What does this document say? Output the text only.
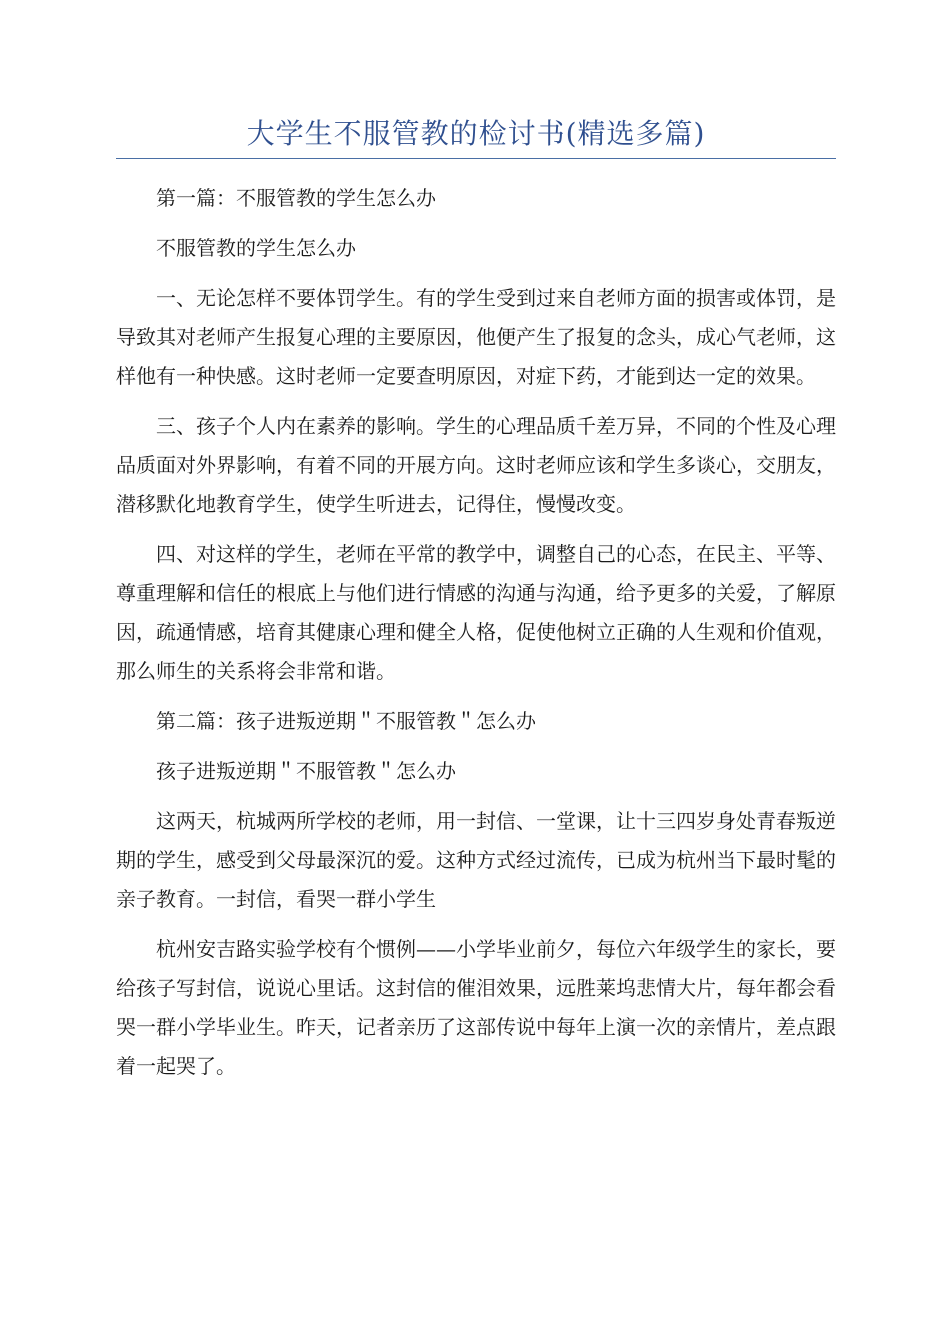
大学生不服管教的检讨书(精选多篇)

第一篇：不服管教的学生怎么办

不服管教的学生怎么办

一、无论怎样不要体罚学生。有的学生受到过来自老师方面的损害或体罚，是导致其对老师产生报复心理的主要原因，他便产生了报复的念头，成心气老师，这样他有一种快感。这时老师一定要查明原因，对症下药，才能到达一定的效果。

三、孩子个人内在素养的影响。学生的心理品质千差万异，不同的个性及心理品质面对外界影响，有着不同的开展方向。这时老师应该和学生多谈心，交朋友，潜移默化地教育学生，使学生听进去，记得住，慢慢改变。

四、对这样的学生，老师在平常的教学中，调整自己的心态，在民主、平等、尊重理解和信任的根底上与他们进行情感的沟通与沟通，给予更多的关爱，了解原因，疏通情感，培育其健康心理和健全人格，促使他树立正确的人生观和价值观，那么师生的关系将会非常和谐。

第二篇：孩子进叛逆期＂不服管教＂怎么办

孩子进叛逆期＂不服管教＂怎么办

这两天，杭城两所学校的老师，用一封信、一堂课，让十三四岁身处青春叛逆期的学生，感受到父母最深沉的爱。这种方式经过流传，已成为杭州当下最时髦的亲子教育。一封信，看哭一群小学生

杭州安吉路实验学校有个惯例——小学毕业前夕，每位六年级学生的家长，要给孩子写封信，说说心里话。这封信的催泪效果，远胜莱坞悲情大片，每年都会看哭一群小学毕业生。昨天，记者亲历了这部传说中每年上演一次的亲情片，差点跟着一起哭了。
